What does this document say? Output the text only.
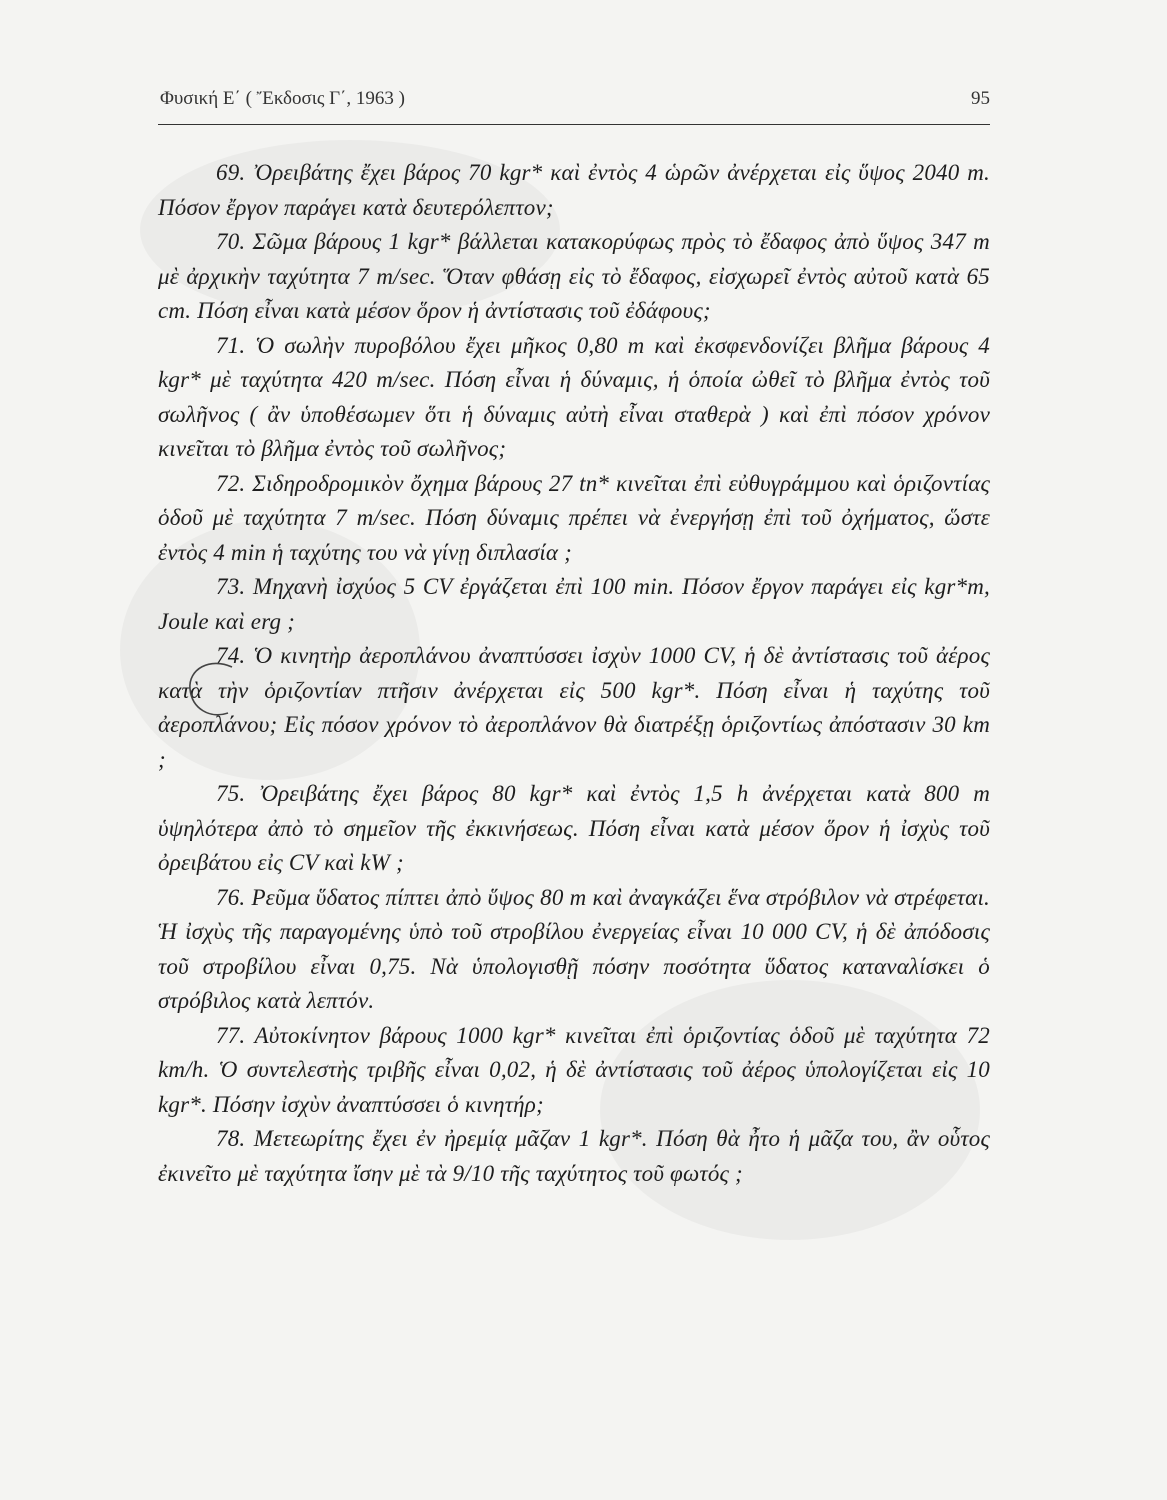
Φυσική Ε΄ ( Ἔκδοσις Γ΄, 1963 )	95

69. Ὀρειβάτης ἔχει βάρος 70 kgr* καὶ ἐντὸς 4 ὡρῶν ἀνέρχεται εἰς ὕψος 2040 m. Πόσον ἔργον παράγει κατὰ δευτερόλεπτον;

70. Σῶμα βάρους 1 kgr* βάλλεται κατακορύφως πρὸς τὸ ἔδαφος ἀπὸ ὕψος 347 m μὲ ἀρχικὴν ταχύτητα 7 m/sec. Ὅταν φθάσῃ εἰς τὸ ἔδαφος, εἰσχωρεῖ ἐντὸς αὐτοῦ κατὰ 65 cm. Πόση εἶναι κατὰ μέσον ὅρον ἡ ἀντίστασις τοῦ ἐδάφους;

71. Ὁ σωλὴν πυροβόλου ἔχει μῆκος 0,80 m καὶ ἐκσφενδονίζει βλῆμα βάρους 4 kgr* μὲ ταχύτητα 420 m/sec. Πόση εἶναι ἡ δύναμις, ἡ ὁποία ὠθεῖ τὸ βλῆμα ἐντὸς τοῦ σωλῆνος ( ἂν ὑποθέσωμεν ὅτι ἡ δύναμις αὐτὴ εἶναι σταθερὰ ) καὶ ἐπὶ πόσον χρόνον κινεῖται τὸ βλῆμα ἐντὸς τοῦ σωλῆνος;

72. Σιδηροδρομικὸν ὄχημα βάρους 27 tn* κινεῖται ἐπὶ εὐθυγράμμου καὶ ὁριζοντίας ὁδοῦ μὲ ταχύτητα 7 m/sec. Πόση δύναμις πρέπει νὰ ἐνεργήσῃ ἐπὶ τοῦ ὀχήματος, ὥστε ἐντὸς 4 min ἡ ταχύτης του νὰ γίνῃ διπλασία ;

73. Μηχανὴ ἰσχύος 5 CV ἐργάζεται ἐπὶ 100 min. Πόσον ἔργον παράγει εἰς kgr*m, Joule καὶ erg ;

74. Ὁ κινητὴρ ἀεροπλάνου ἀναπτύσσει ἰσχὺν 1000 CV, ἡ δὲ ἀντίστασις τοῦ ἀέρος κατὰ τὴν ὁριζοντίαν πτῆσιν ἀνέρχεται εἰς 500 kgr*. Πόση εἶναι ἡ ταχύτης τοῦ ἀεροπλάνου; Εἰς πόσον χρόνον τὸ ἀεροπλάνον θὰ διατρέξῃ ὁριζοντίως ἀπόστασιν 30 km ;

75. Ὀρειβάτης ἔχει βάρος 80 kgr* καὶ ἐντὸς 1,5 h ἀνέρχεται κατὰ 800 m ὑψηλότερα ἀπὸ τὸ σημεῖον τῆς ἐκκινήσεως. Πόση εἶναι κατὰ μέσον ὅρον ἡ ἰσχὺς τοῦ ὀρειβάτου εἰς CV καὶ kW ;

76. Ρεῦμα ὕδατος πίπτει ἀπὸ ὕψος 80 m καὶ ἀναγκάζει ἕνα στρόβιλον νὰ στρέφεται. Ἡ ἰσχὺς τῆς παραγομένης ὑπὸ τοῦ στροβίλου ἐνεργείας εἶναι 10 000 CV, ἡ δὲ ἀπόδοσις τοῦ στροβίλου εἶναι 0,75. Νὰ ὑπολογισθῇ πόσην ποσότητα ὕδατος καταναλίσκει ὁ στρόβιλος κατὰ λεπτόν.

77. Αὐτοκίνητον βάρους 1000 kgr* κινεῖται ἐπὶ ὁριζοντίας ὁδοῦ μὲ ταχύτητα 72 km/h. Ὁ συντελεστὴς τριβῆς εἶναι 0,02, ἡ δὲ ἀντίστασις τοῦ ἀέρος ὑπολογίζεται εἰς 10 kgr*. Πόσην ἰσχὺν ἀναπτύσσει ὁ κινητήρ;

78. Μετεωρίτης ἔχει ἐν ἠρεμίᾳ μᾶζαν 1 kgr*. Πόση θὰ ἦτο ἡ μᾶζα του, ἂν οὗτος ἐκινεῖτο μὲ ταχύτητα ἴσην μὲ τὰ 9/10 τῆς ταχύτητος τοῦ φωτός ;
